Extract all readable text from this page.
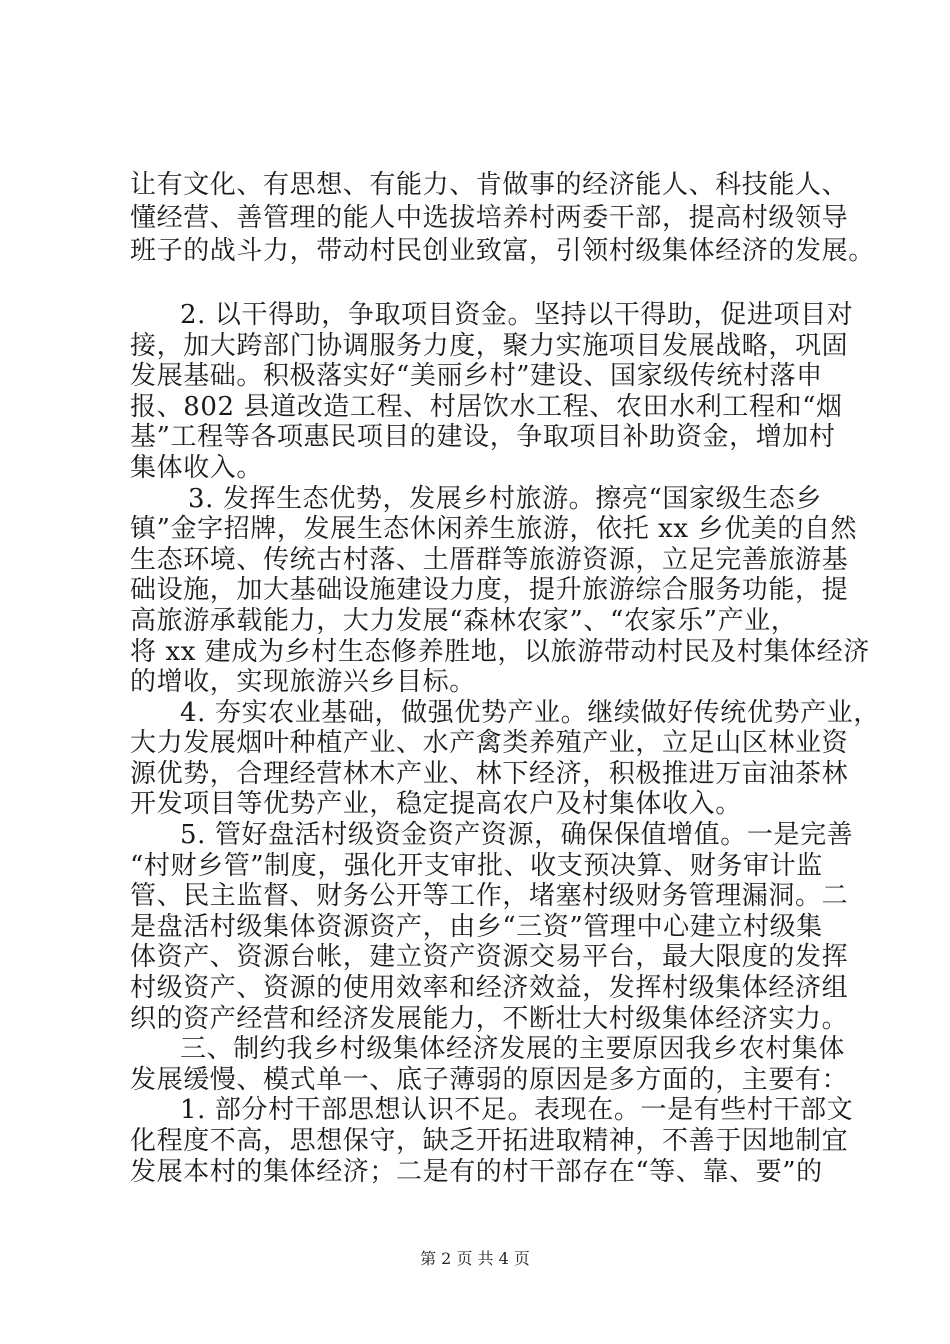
让有文化、有思想、有能力、肯做事的经济能人、科技能人、
懂经营、善管理的能人中选拔培养村两委干部，提高村级领导
班子的战斗力，带动村民创业致富，引领村级集体经济的发展。
2. 以干得助，争取项目资金。坚持以干得助，促进项目对
接，加大跨部门协调服务力度，聚力实施项目发展战略，巩固
发展基础。积极落实好“美丽乡村”建设、国家级传统村落申
报、802 县道改造工程、村居饮水工程、农田水利工程和“烟
基”工程等各项惠民项目的建设，争取项目补助资金，增加村
集体收入。
3. 发挥生态优势，发展乡村旅游。擦亮“国家级生态乡
镇”金字招牌，发展生态休闲养生旅游，依托 xx 乡优美的自然
生态环境、传统古村落、土厝群等旅游资源，立足完善旅游基
础设施，加大基础设施建设力度，提升旅游综合服务功能，提
高旅游承载能力，大力发展“森林农家”、“农家乐”产业，
将 xx 建成为乡村生态修养胜地，以旅游带动村民及村集体经济
的增收，实现旅游兴乡目标。
4. 夯实农业基础，做强优势产业。继续做好传统优势产业，
大力发展烟叶种植产业、水产禽类养殖产业，立足山区林业资
源优势，合理经营林木产业、林下经济，积极推进万亩油茶林
开发项目等优势产业，稳定提高农户及村集体收入。
5. 管好盘活村级资金资产资源，确保保值增值。一是完善
“村财乡管”制度，强化开支审批、收支预决算、财务审计监
管、民主监督、财务公开等工作，堵塞村级财务管理漏洞。二
是盘活村级集体资源资产，由乡“三资”管理中心建立村级集
体资产、资源台帐，建立资产资源交易平台，最大限度的发挥
村级资产、资源的使用效率和经济效益，发挥村级集体经济组
织的资产经营和经济发展能力，不断壮大村级集体经济实力。
三、制约我乡村级集体经济发展的主要原因我乡农村集体
发展缓慢、模式单一、底子薄弱的原因是多方面的，主要有：
1. 部分村干部思想认识不足。表现在。一是有些村干部文
化程度不高，思想保守，缺乏开拓进取精神，不善于因地制宜
发展本村的集体经济；二是有的村干部存在“等、靠、要”的
第 2 页 共 4 页
